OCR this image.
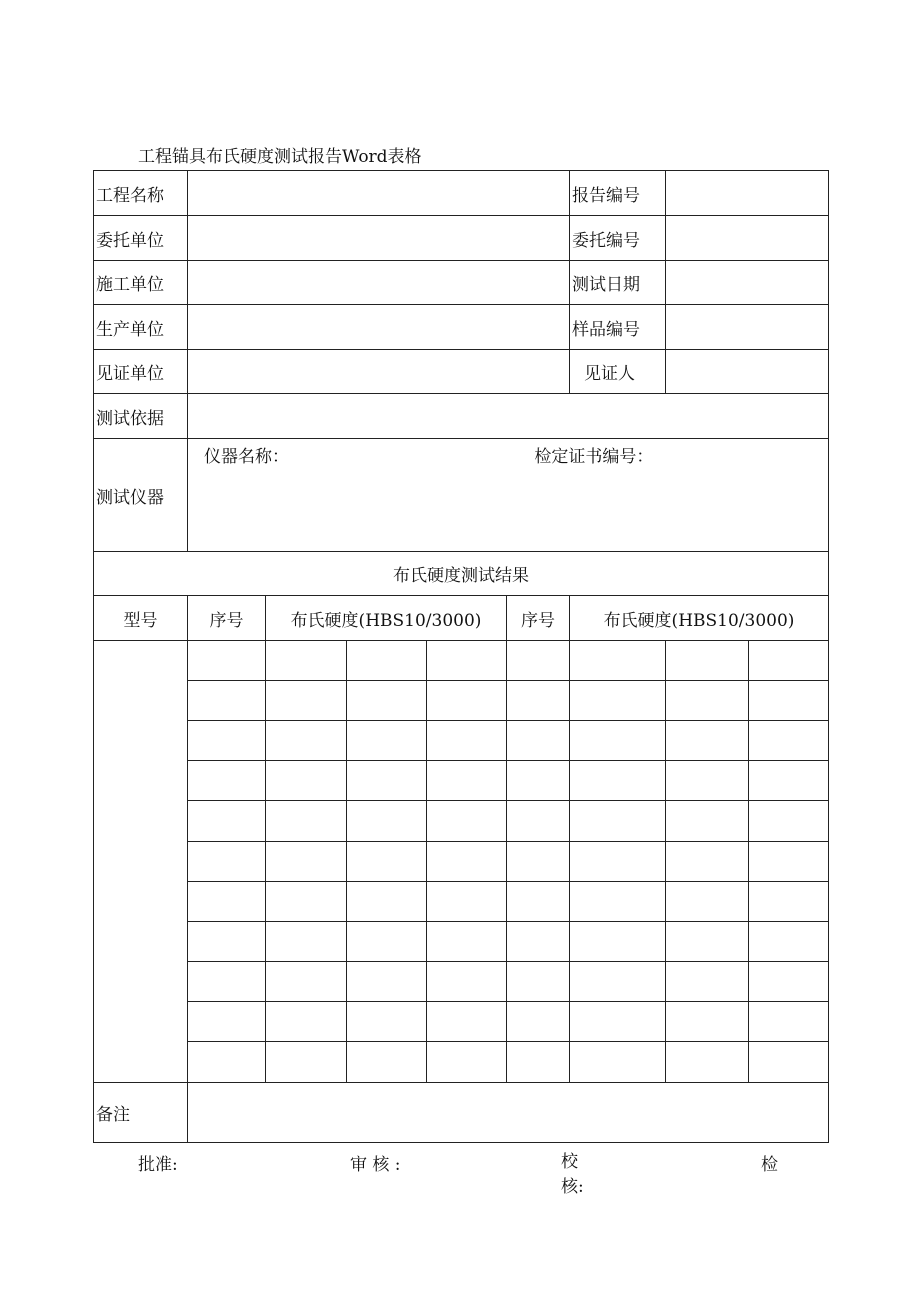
工程锚具布氏硬度测试报告Word表格
工程名称						报告编号		
委托单位						委托编号		
施工单位						测试日期		
生产单位						样品编号		
见证单位						见证人		
测试依据								
测试仪器	仪器名称： 检定证书编号：							
布氏硬度测试结果								
型号	序号	布氏硬度(HBS10/3000)			序号	布氏硬度(HBS10/3000)		

备注								
批准:	审 核 :	校
核:
检
